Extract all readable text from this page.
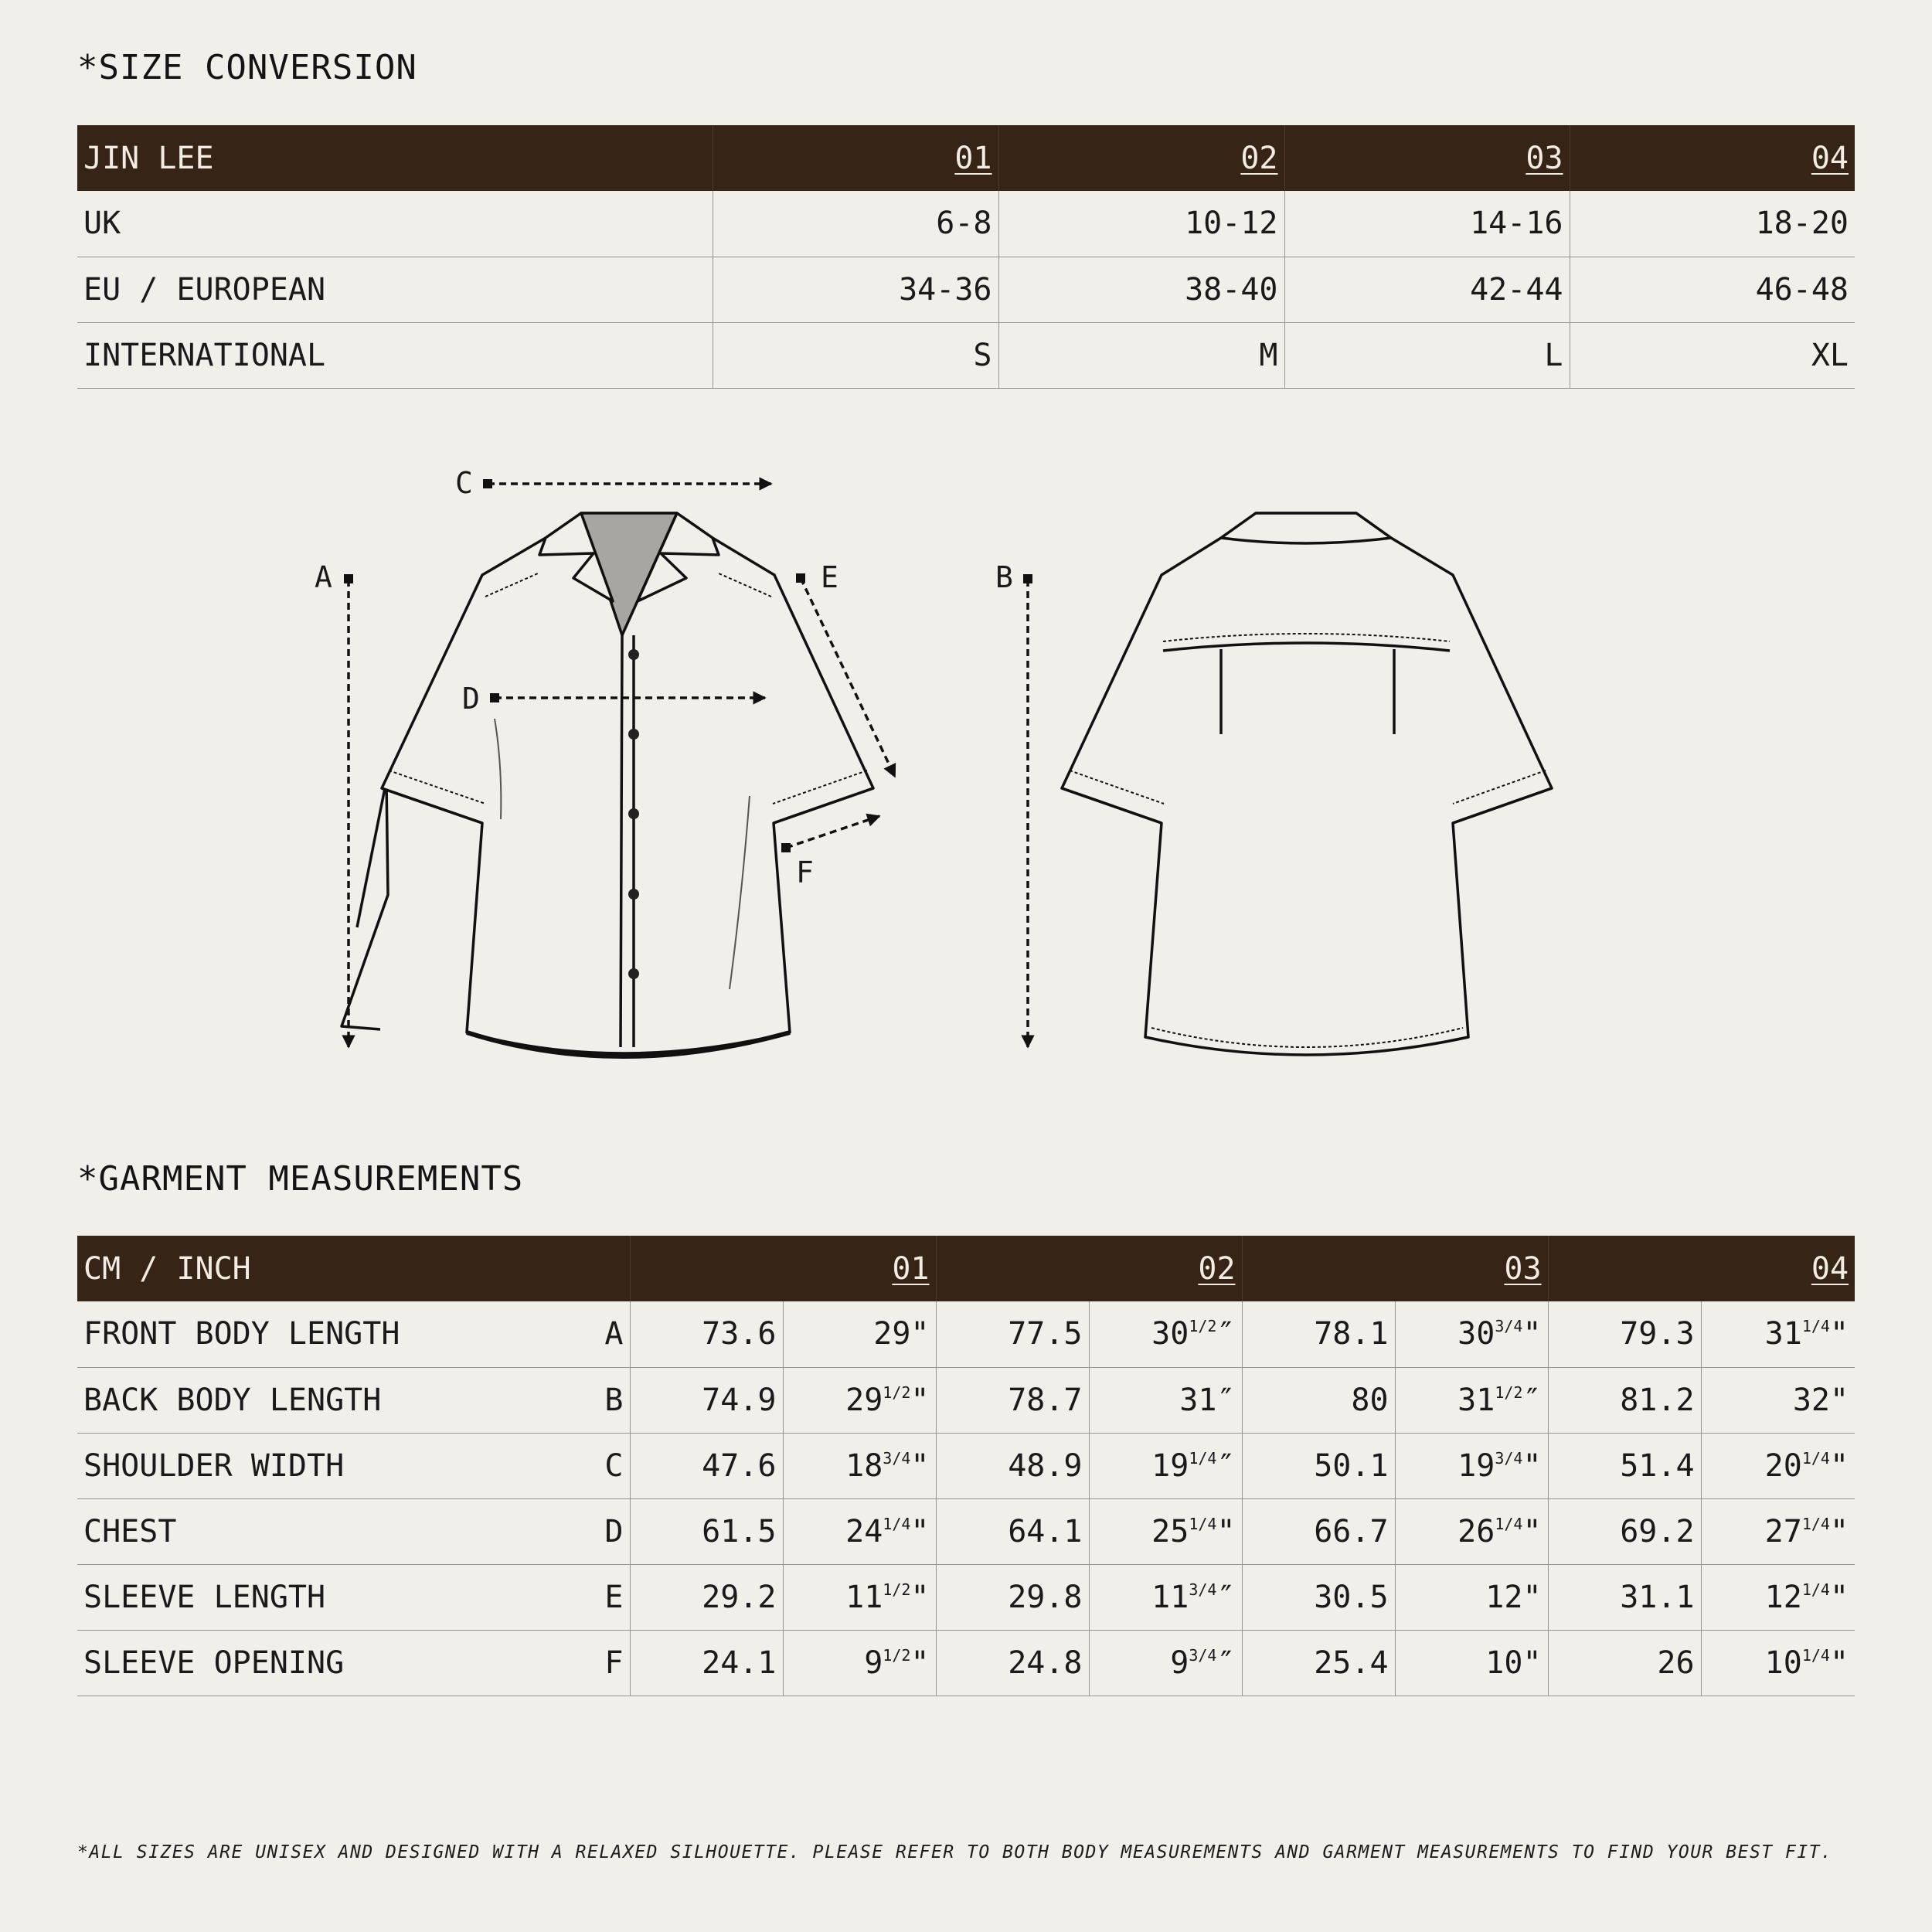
*SIZE CONVERSION
JIN LEE	01	02	03	04
UK	6-8	10-12	14-16	18-20
EU / EUROPEAN	34-36	38-40	42-44	46-48
INTERNATIONAL	S	M	L	XL
A	B
C
D
E
F
*GARMENT MEASUREMENTS
CM / INCH		01		02		03		04	
FRONT BODY LENGTH	A	73.6	29"	77.5	$30^{1/2}''$	78.1	$30^{3/4}$"	79.3	$31^{1/4}$"
BACK BODY LENGTH	B	74.9	$29^{1/2}$"	78.7	31″	80	$31^{1/2}''$	81.2	32"
SHOULDER WIDTH	C	47.6	$18^{3/4}$"	48.9	$19^{1/4}''$	50.1	$19^{3/4}$"	51.4	$20^{1/4}$"
CHEST	D	61.5	$24^{1/4}$"	64.1	$25^{1/4}$"	66.7	$26^{1/4}$"	69.2	$27^{1/4}$"
SLEEVE LENGTH	E	29.2	$11^{1/2}$"	29.8	$11^{3/4}''$	30.5	12"	31.1	$12^{1/4}$"
SLEEVE OPENING	F	24.1	$9^{1/2}$"	24.8	$9^{3/4}''$	25.4	10"	26	$10^{1/4}$"
*ALL SIZES ARE UNISEX AND DESIGNED WITH A RELAXED SILHOUETTE. PLEASE REFER TO BOTH BODY MEASUREMENTS AND GARMENT MEASUREMENTS TO FIND YOUR BEST FIT.
